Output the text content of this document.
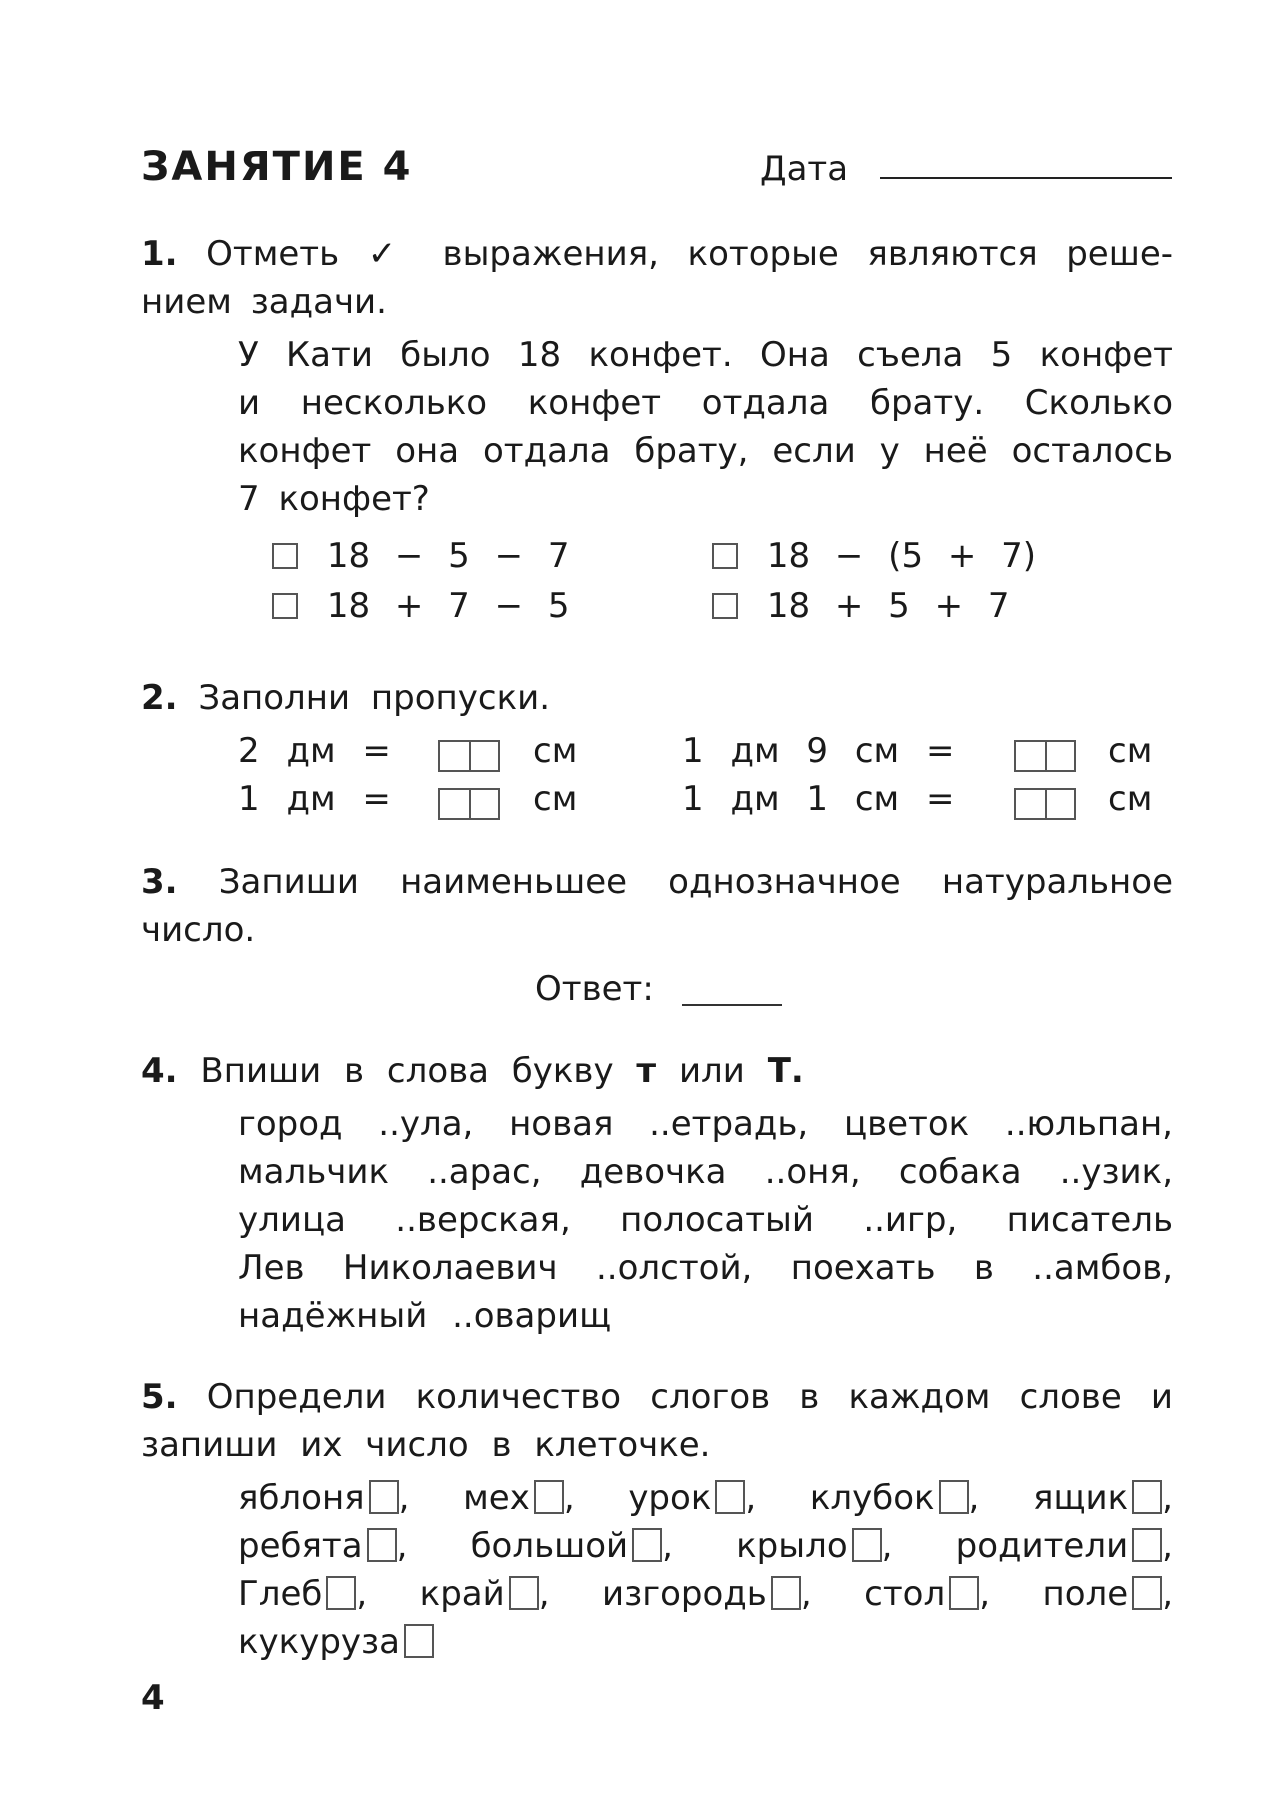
ЗАНЯТИЕ 4	Дата
1. Отметь ✓ выражения, которые являются реше-
нием задачи.
У Кати было 18 конфет. Она съела 5 конфет
и несколько конфет отдала брату. Сколько
конфет она отдала брату, если у неё осталось
7 конфет?
18 − 5 − 7	18 − (5 + 7)
18 + 7 − 5	18 + 5 + 7
2. Заполни пропуски.
2 дм =	см	1 дм 9 см =	см
1 дм =	см	1 дм 1 см =	см
3. Запиши наименьшее однозначное натуральное
число.
Ответ:
4. Впиши в слова букву т или Т.
город ..ула, новая ..етрадь, цветок ..юльпан,
мальчик ..арас, девочка ..оня, собака ..узик,
улица ..верская, полосатый ..игр, писатель
Лев Николаевич ..олстой, поехать в ..амбов,
надёжный ..оварищ
5. Определи количество слогов в каждом слове и
запиши их число в клеточке.
яблоня , мех , урок , клубок , ящик ,
ребята , большой , крыло , родители ,
Глеб , край , изгородь , стол , поле ,
кукуруза
4
